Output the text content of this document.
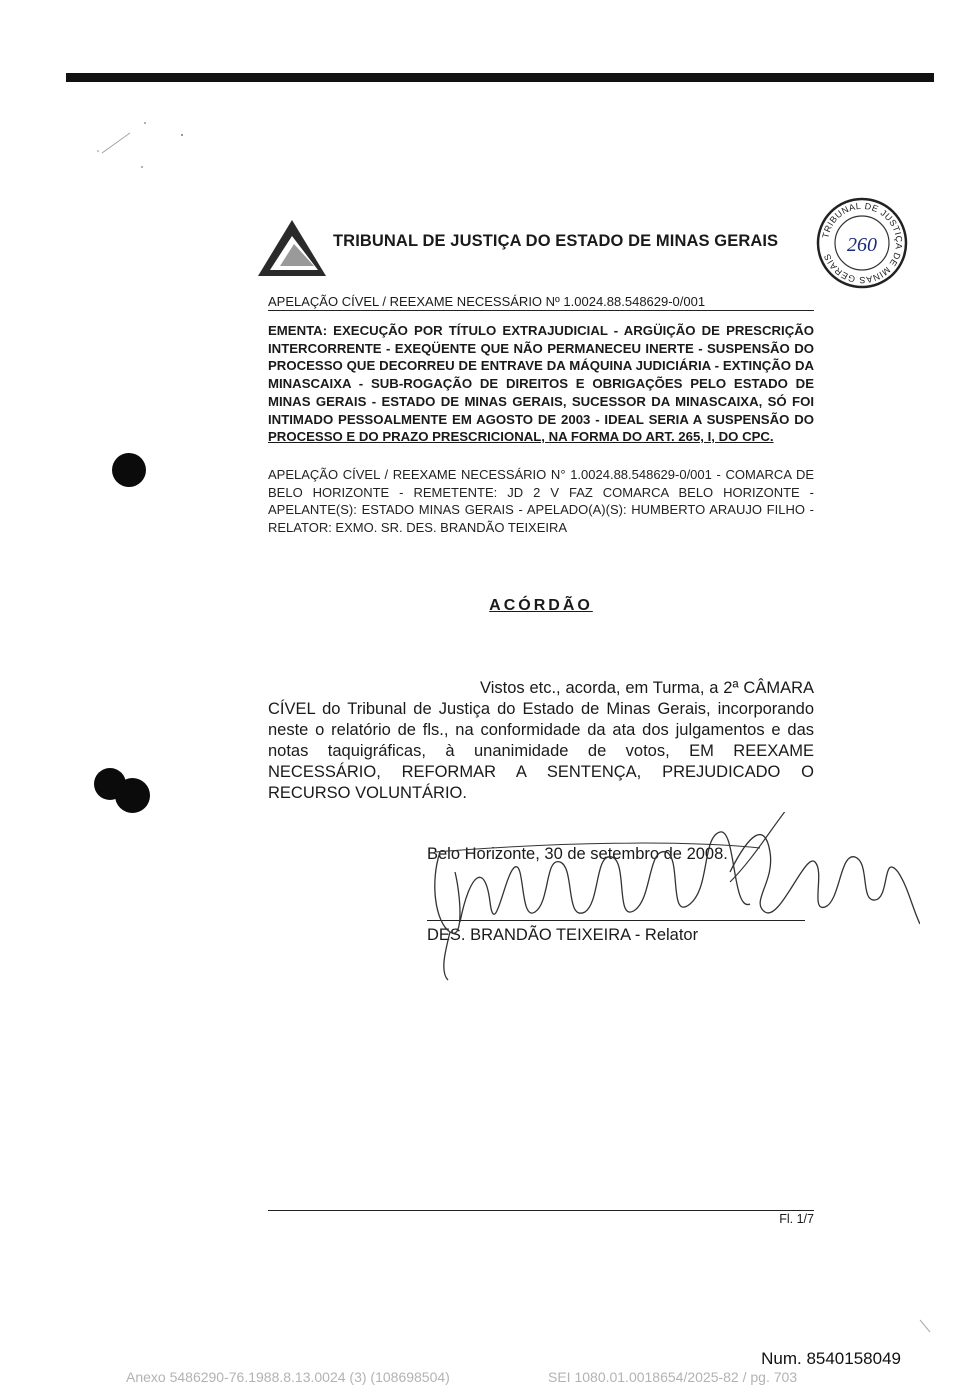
TRIBUNAL DE JUSTIÇA DO ESTADO DE MINAS GERAIS	TRIBUNAL DE JUSTIÇA DE MINAS GERAIS
260
APELAÇÃO CÍVEL / REEXAME NECESSÁRIO Nº 1.0024.88.548629-0/001
EMENTA: EXECUÇÃO POR TÍTULO EXTRAJUDICIAL - ARGÜIÇÃO DE PRESCRIÇÃO INTERCORRENTE - EXEQÜENTE QUE NÃO PERMANECEU INERTE - SUSPENSÃO DO PROCESSO QUE DECORREU DE ENTRAVE DA MÁQUINA JUDICIÁRIA - EXTINÇÃO DA MINASCAIXA - SUB-ROGAÇÃO DE DIREITOS E OBRIGAÇÕES PELO ESTADO DE MINAS GERAIS - ESTADO DE MINAS GERAIS, SUCESSOR DA MINASCAIXA, SÓ FOI INTIMADO PESSOALMENTE EM AGOSTO DE 2003 - IDEAL SERIA A SUSPENSÃO DO PROCESSO E DO PRAZO PRESCRICIONAL, NA FORMA DO ART. 265, I, DO CPC.
APELAÇÃO CÍVEL / REEXAME NECESSÁRIO N° 1.0024.88.548629-0/001 - COMARCA DE BELO HORIZONTE - REMETENTE: JD 2 V FAZ COMARCA BELO HORIZONTE - APELANTE(S): ESTADO MINAS GERAIS - APELADO(A)(S): HUMBERTO ARAUJO FILHO - RELATOR: EXMO. SR. DES. BRANDÃO TEIXEIRA
ACÓRDÃO
Vistos etc., acorda, em Turma, a 2ª CÂMARA CÍVEL do Tribunal de Justiça do Estado de Minas Gerais, incorporando neste o relatório de fls., na conformidade da ata dos julgamentos e das notas taquigráficas, à unanimidade de votos, EM REEXAME NECESSÁRIO, REFORMAR A SENTENÇA, PREJUDICADO O RECURSO VOLUNTÁRIO.
Belo Horizonte, 30 de setembro de 2008.
DES. BRANDÃO TEIXEIRA - Relator
Fl. 1/7
Num. 8540158049
Anexo 5486290-76.1988.8.13.0024 (3) (108698504)	SEI 1080.01.0018654/2025-82 / pg. 703
